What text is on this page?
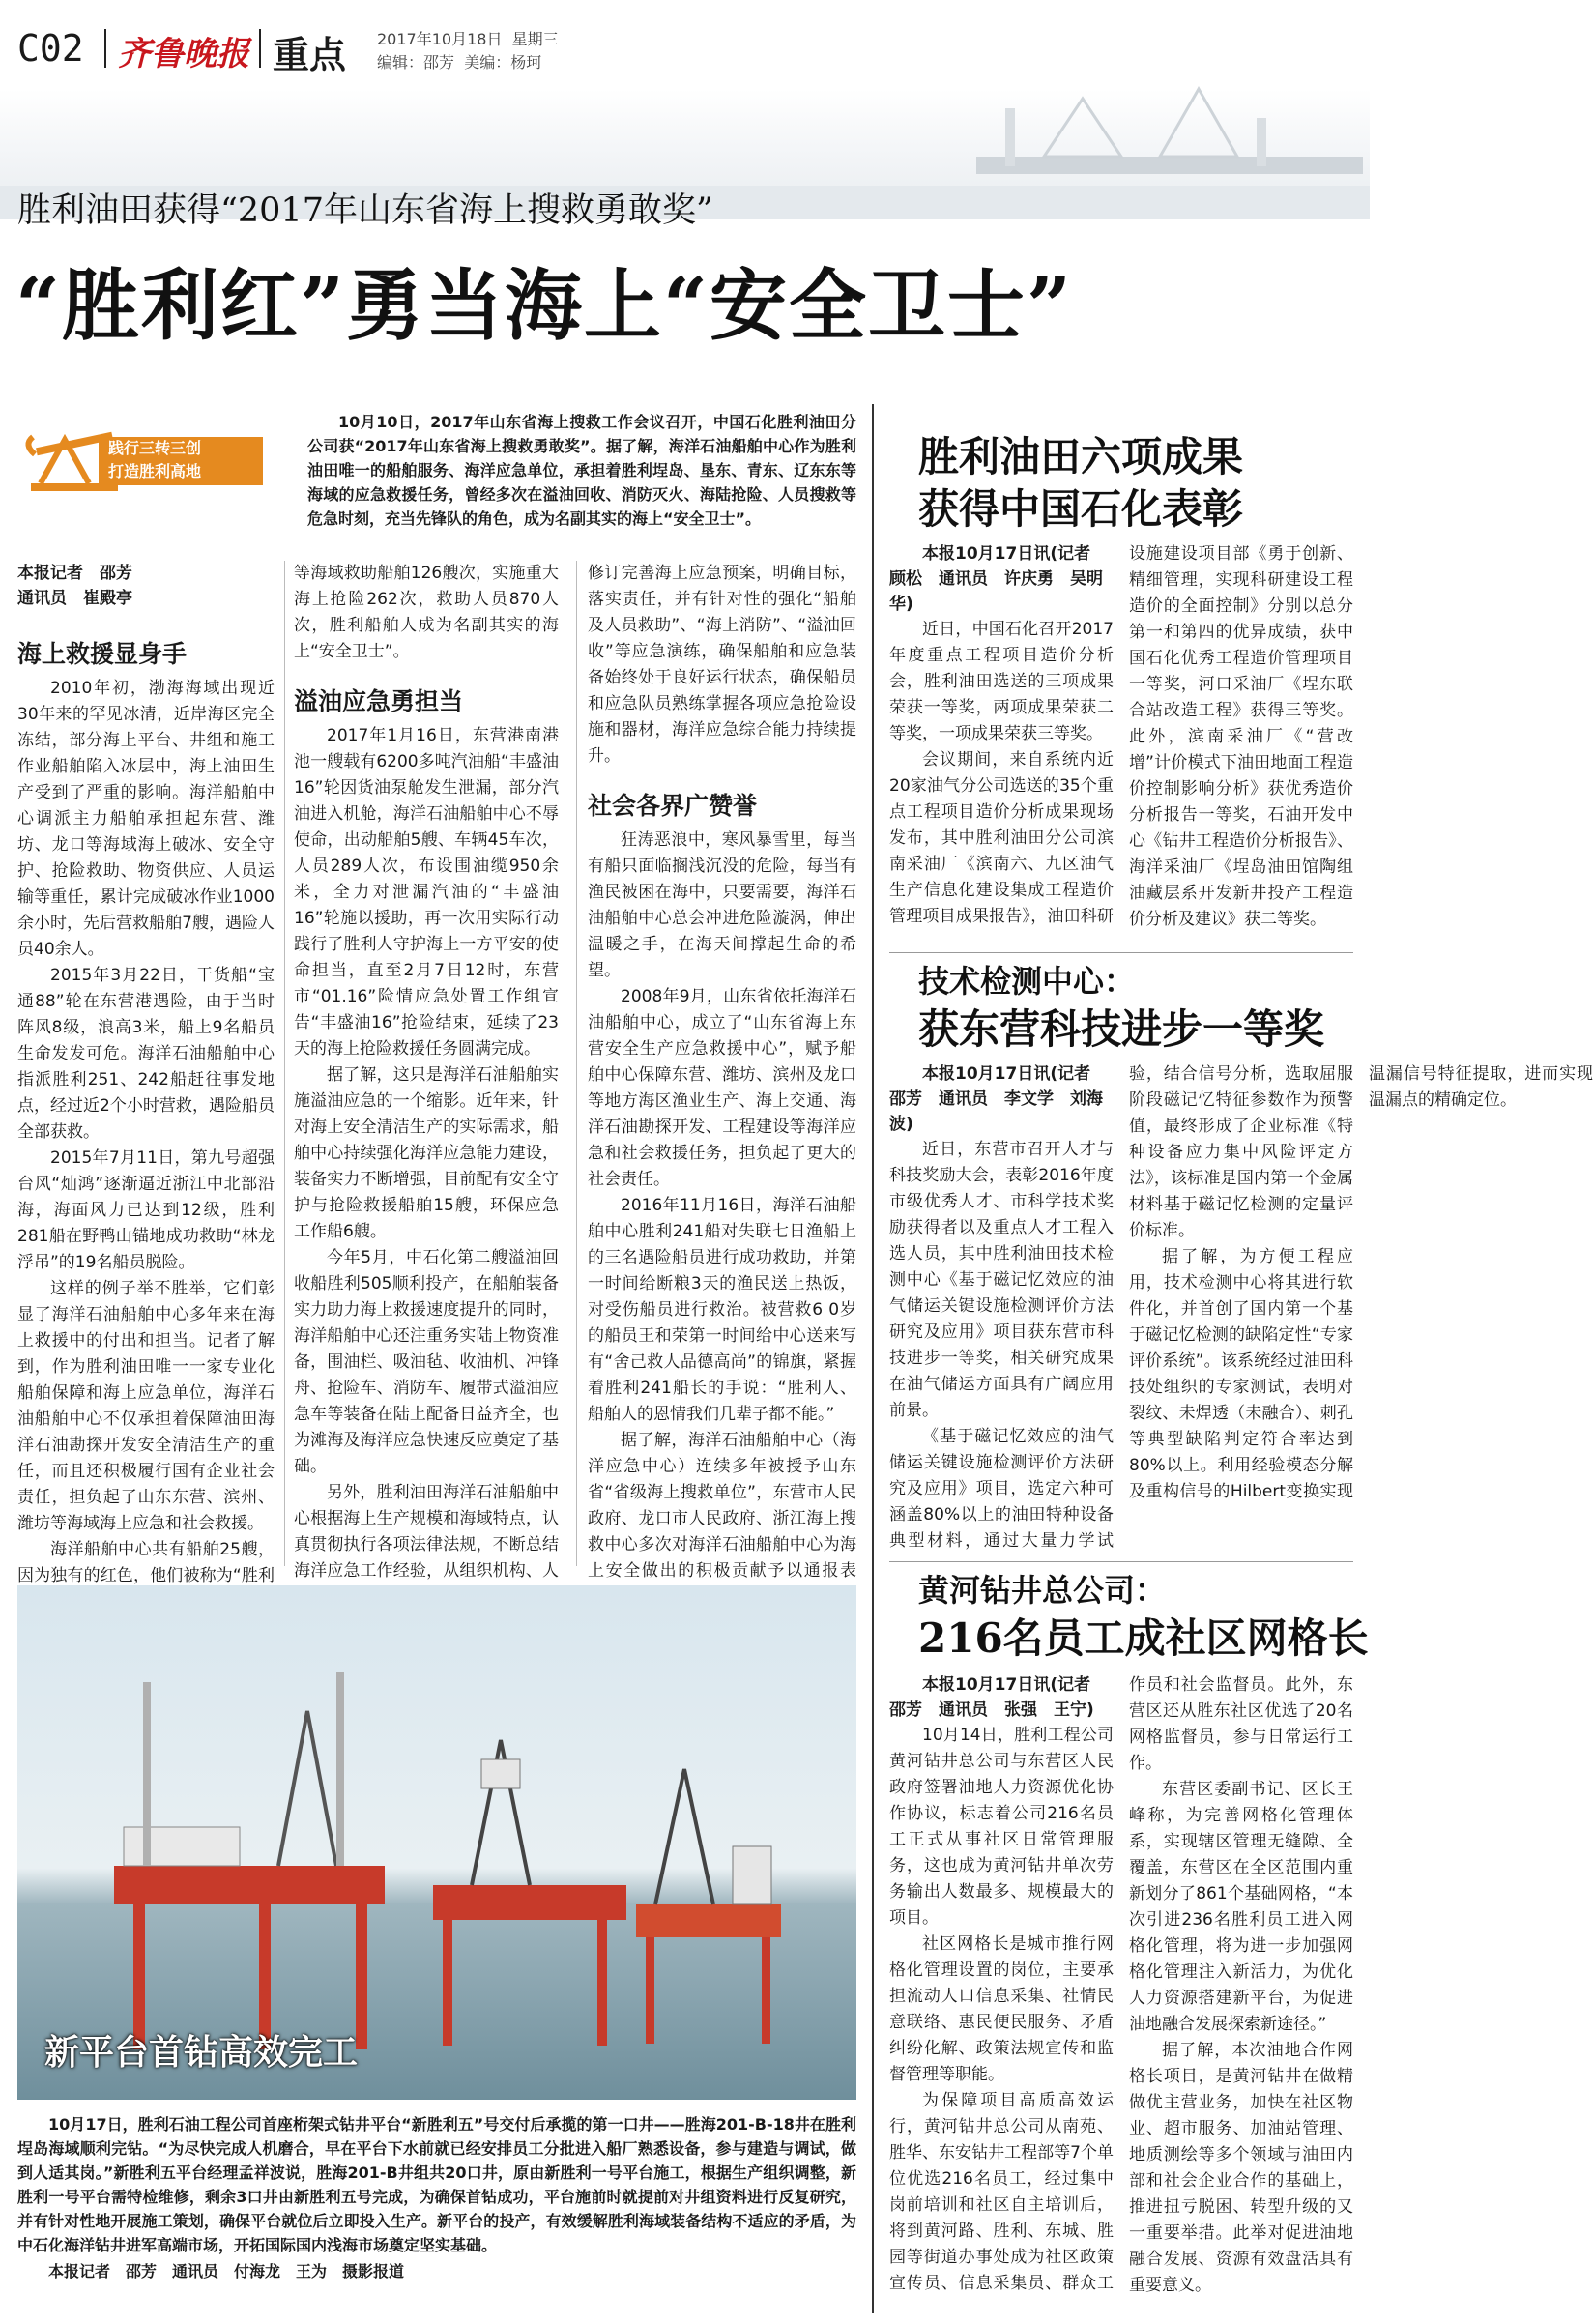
C02 齐鲁晚报 重点 2017年10月18日 星期三
编辑：邵芳 美编：杨珂
胜利油田获得“2017年山东省海上搜救勇敢奖”
“胜利红”勇当海上“安全卫士”
践行三转三创
打造胜利高地

10月10日，2017年山东省海上搜救工作会议召开，中国石化胜利油田分公司获“2017年山东省海上搜救勇敢奖”。据了解，海洋石油船舶中心作为胜利油田唯一的船舶服务、海洋应急单位，承担着胜利埕岛、垦东、青东、辽东东等海域的应急救援任务，曾经多次在溢油回收、消防灭火、海陆抢险、人员搜救等危急时刻，充当先锋队的角色，成为名副其实的海上“安全卫士”。

本报记者　邵芳
通讯员　崔殿亭
海上救援显身手

2010年初，渤海海域出现近30年来的罕见冰清，近岸海区完全冻结，部分海上平台、井组和施工作业船舶陷入冰层中，海上油田生产受到了严重的影响。海洋船舶中心调派主力船舶承担起东营、潍坊、龙口等海域海上破冰、安全守护、抢险救助、物资供应、人员运输等重任，累计完成破冰作业1000余小时，先后营救船舶7艘，遇险人员40余人。

2015年3月22日，干货船“宝通88”轮在东营港遇险，由于当时阵风8级，浪高3米，船上9名船员生命发发可危。海洋石油船舶中心指派胜利251、242船赶往事发地点，经过近2个小时营救，遇险船员全部获救。

2015年7月11日，第九号超强台风“灿鸿”逐渐逼近浙江中北部沿海，海面风力已达到12级，胜利281船在野鸭山锚地成功救助“林龙浮吊”的19名船员脱险。

这样的例子举不胜举，它们彰显了海洋石油船舶中心多年来在海上救援中的付出和担当。记者了解到，作为胜利油田唯一一家专业化船舶保障和海上应急单位，海洋石油船舶中心不仅承担着保障油田海洋石油勘探开发安全清洁生产的重任，而且还积极履行国有企业社会责任，担负起了山东东营、滨州、潍坊等海域海上应急和社会救援。

海洋船舶中心共有船舶25艘，因为独有的红色，他们被称为“胜利

等海域救助船舶126艘次，实施重大海上抢险262次，救助人员870人次，胜利船舶人成为名副其实的海上“安全卫士”。

溢油应急勇担当

2017年1月16日，东营港南港池一艘载有6200多吨汽油船“丰盛油16”轮因货油泵舱发生泄漏，部分汽油进入机舱，海洋石油船舶中心不辱使命，出动船舶5艘、车辆45车次，人员289人次，布设围油缆950余米，全力对泄漏汽油的“丰盛油16”轮施以援助，再一次用实际行动践行了胜利人守护海上一方平安的使命担当，直至2月7日12时，东营市“01.16”险情应急处置工作组宣告“丰盛油16”抢险结束，延续了23天的海上抢险救援任务圆满完成。

据了解，这只是海洋石油船舶实施溢油应急的一个缩影。近年来，针对海上安全清洁生产的实际需求，船舶中心持续强化海洋应急能力建设，装备实力不断增强，目前配有安全守护与抢险救援船舶15艘，环保应急工作船6艘。

今年5月，中石化第二艘溢油回收船胜利505顺利投产，在船舶装备实力助力海上救援速度提升的同时，海洋船舶中心还注重务实陆上物资准备，围油栏、吸油毡、收油机、冲锋舟、抢险车、消防车、履带式溢油应急车等装备在陆上配备日益齐全，也为滩海及海洋应急快速反应奠定了基础。

另外，胜利油田海洋石油船舶中心根据海上生产规模和海域特点，认真贯彻执行各项法律法规，不断总结海洋应急工作经验，从组织机构、人

修订完善海上应急预案，明确目标，落实责任，并有针对性的强化“船舶及人员救助”、“海上消防”、“溢油回收”等应急演练，确保船舶和应急装备始终处于良好运行状态，确保船员和应急队员熟练掌握各项应急抢险设施和器材，海洋应急综合能力持续提升。

社会各界广赞誉

狂涛恶浪中，寒风暴雪里，每当有船只面临搁浅沉没的危险，每当有渔民被困在海中，只要需要，海洋石油船舶中心总会冲进危险漩涡，伸出温暖之手，在海天间撑起生命的希望。

2008年9月，山东省依托海洋石油船舶中心，成立了“山东省海上东营安全生产应急救援中心”，赋予船舶中心保障东营、潍坊、滨州及龙口等地方海区渔业生产、海上交通、海洋石油勘探开发、工程建设等海洋应急和社会救援任务，担负起了更大的社会责任。

2016年11月16日，海洋石油船舶中心胜利241船对失联七日渔船上的三名遇险船员进行成功救助，并第一时间给断粮3天的渔民送上热饭，对受伤船员进行救治。被营救6 0岁的船员王和荣第一时间给中心送来写有“舍己救人品德高尚”的锦旗，紧握着胜利241船长的手说：“胜利人、船舶人的恩情我们几辈子都不能。”

据了解，海洋石油船舶中心（海洋应急中心）连续多年被授予山东省“省级海上搜救单位”，东营市人民政府、龙口市人民政府、浙江海上搜救中心多次对海洋石油船舶中心为海上安全做出的积极贡献予以通报表

新平台首钻高效完工

10月17日，胜利石油工程公司首座桁架式钻井平台“新胜利五”号交付后承揽的第一口井——胜海201-B-18井在胜利埕岛海域顺利完钻。“为尽快完成人机磨合，早在平台下水前就已经安排员工分批进入船厂熟悉设备，参与建造与调试，做到人适其岗。”新胜利五平台经理孟祥波说，胜海201-B井组共20口井，原由新胜利一号平台施工，根据生产组织调整，新胜利一号平台需特检维修，剩余3口井由新胜利五号完成，为确保首钻成功，平台施前时就提前对井组资料进行反复研究，并有针对性地开展施工策划，确保平台就位后立即投入生产。新平台的投产，有效缓解胜利海域装备结构不适应的矛盾，为中石化海洋钻井进军高端市场，开拓国际国内浅海市场奠定坚实基础。

本报记者　邵芳　通讯员　付海龙　王为　摄影报道
胜利油田六项成果
获得中国石化表彰
本报10月17日讯(记者　顾松　通讯员　许庆勇　吴明华)

近日，中国石化召开2017年度重点工程项目造价分析会，胜利油田选送的三项成果荣获一等奖，两项成果荣获二等奖，一项成果荣获三等奖。

会议期间，来自系统内近20家油气分公司选送的35个重点工程项目造价分析成果现场发布，其中胜利油田分公司滨南采油厂《滨南六、九区油气生产信息化建设集成工程造价管理项目成果报告》，油田科研设施建设项目部《勇于创新、精细管理，实现科研建设工程造价的全面控制》分别以总分第一和第四的优异成绩，获中国石化优秀工程造价管理项目一等奖，河口采油厂《埕东联合站改造工程》获得三等奖。此外，滨南采油厂《“营改增”计价模式下油田地面工程造价控制影响分析》获优秀造价分析报告一等奖，石油开发中心《钻井工程造价分析报告》、海洋采油厂《埕岛油田馆陶组油藏层系开发新井投产工程造价分析及建议》获二等奖。

技术检测中心：
获东营科技进步一等奖
本报10月17日讯(记者　邵芳　通讯员　李文学　刘海波)

近日，东营市召开人才与科技奖励大会，表彰2016年度市级优秀人才、市科学技术奖励获得者以及重点人才工程入选人员，其中胜利油田技术检测中心《基于磁记忆效应的油气储运关键设施检测评价方法研究及应用》项目获东营市科技进步一等奖，相关研究成果在油气储运方面具有广阔应用前景。

《基于磁记忆效应的油气储运关键设施检测评价方法研究及应用》项目，选定六种可涵盖80%以上的油田特种设备典型材料，通过大量力学试验，结合信号分析，选取屈服阶段磁记忆特征参数作为预警值，最终形成了企业标准《特种设备应力集中风险评定方法》，该标准是国内第一个金属材料基于磁记忆检测的定量评价标准。

据了解，为方便工程应用，技术检测中心将其进行软件化，并首创了国内第一个基于磁记忆检测的缺陷定性“专家评价系统”。该系统经过油田科技处组织的专家测试，表明对裂纹、未焊透（未融合）、刺孔等典型缺陷判定符合率达到80%以上。利用经验模态分解及重构信号的Hilbert变换实现温漏信号特征提取，进而实现温漏点的精确定位。

黄河钻井总公司：
216名员工成社区网格长
本报10月17日讯(记者　邵芳　通讯员　张强　王宁)

10月14日，胜利工程公司黄河钻井总公司与东营区人民政府签署油地人力资源优化协作协议，标志着公司216名员工正式从事社区日常管理服务，这也成为黄河钻井单次劳务输出人数最多、规模最大的项目。

社区网格长是城市推行网格化管理设置的岗位，主要承担流动人口信息采集、社情民意联络、惠民便民服务、矛盾纠纷化解、政策法规宣传和监督管理等职能。

为保障项目高质高效运行，黄河钻井总公司从南苑、胜华、东安钻井工程部等7个单位优选216名员工，经过集中岗前培训和社区自主培训后，将到黄河路、胜利、东城、胜园等街道办事处成为社区政策宣传员、信息采集员、群众工作员和社会监督员。此外，东营区还从胜东社区优选了20名网格监督员，参与日常运行工作。

东营区委副书记、区长王峰称，为完善网格化管理体系，实现辖区管理无缝隙、全覆盖，东营区在全区范围内重新划分了861个基础网格，“本次引进236名胜利员工进入网格化管理，将为进一步加强网格化管理注入新活力，为优化人力资源搭建新平台，为促进油地融合发展探索新途径。”

据了解，本次油地合作网格长项目，是黄河钻井在做精做优主营业务，加快在社区物业、超市服务、加油站管理、地质测绘等多个领域与油田内部和社会企业合作的基础上，推进扭亏脱困、转型升级的又一重要举措。此举对促进油地融合发展、资源有效盘活具有重要意义。
